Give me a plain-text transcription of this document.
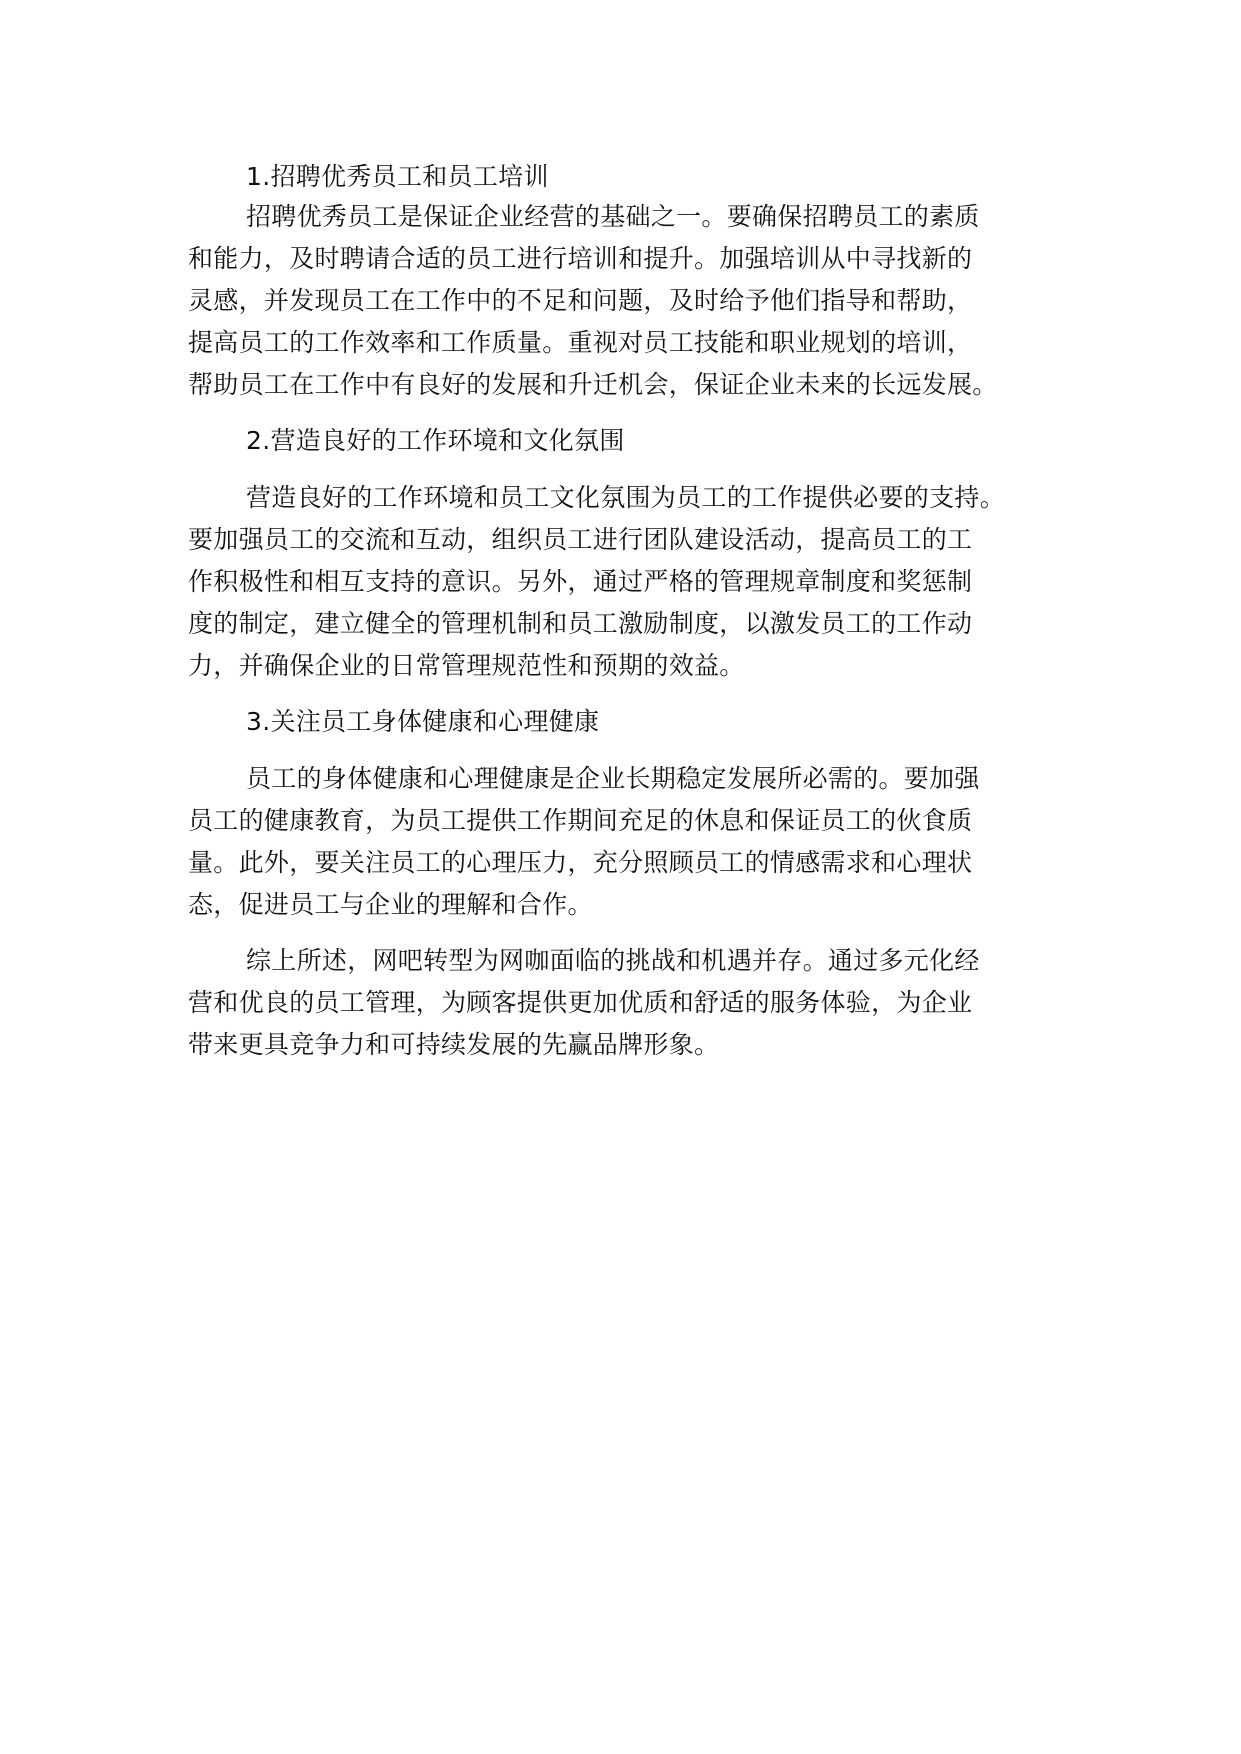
1.招聘优秀员工和员工培训
招聘优秀员工是保证企业经营的基础之一。要确保招聘员工的素质
和能力，及时聘请合适的员工进行培训和提升。加强培训从中寻找新的
灵感，并发现员工在工作中的不足和问题，及时给予他们指导和帮助，
提高员工的工作效率和工作质量。重视对员工技能和职业规划的培训，
帮助员工在工作中有良好的发展和升迁机会，保证企业未来的长远发展。
2.营造良好的工作环境和文化氛围
营造良好的工作环境和员工文化氛围为员工的工作提供必要的支持。
要加强员工的交流和互动，组织员工进行团队建设活动，提高员工的工
作积极性和相互支持的意识。另外，通过严格的管理规章制度和奖惩制
度的制定，建立健全的管理机制和员工激励制度，以激发员工的工作动
力，并确保企业的日常管理规范性和预期的效益。
3.关注员工身体健康和心理健康
员工的身体健康和心理健康是企业长期稳定发展所必需的。要加强
员工的健康教育，为员工提供工作期间充足的休息和保证员工的伙食质
量。此外，要关注员工的心理压力，充分照顾员工的情感需求和心理状
态，促进员工与企业的理解和合作。
综上所述，网吧转型为网咖面临的挑战和机遇并存。通过多元化经
营和优良的员工管理，为顾客提供更加优质和舒适的服务体验，为企业
带来更具竞争力和可持续发展的先赢品牌形象。
